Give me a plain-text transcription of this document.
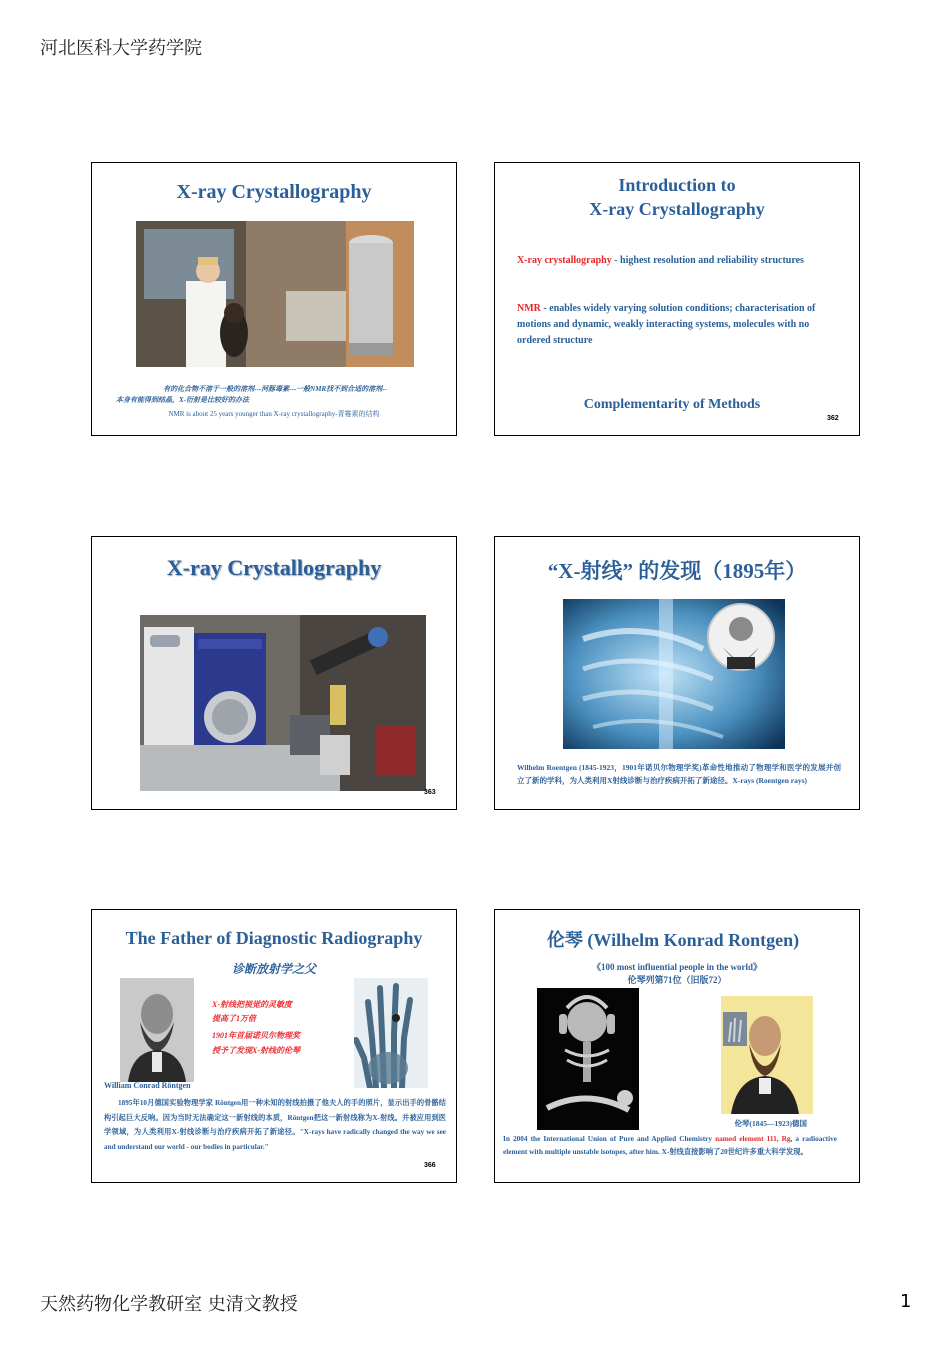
河北医科大学药学院
X-ray Crystallography
有的化合物不溶于一般的溶剂---河豚毒素---一般NMR找不到合适的溶剂--
本身有能得到结晶，X-衍射是比较好的办法
NMR is about 25 years younger than X-ray crystallography-青霉素的结构
Introduction to
X-ray Crystallography
X-ray crystallography - highest resolution and reliability structures
NMR - enables widely varying solution conditions; characterisation of motions and dynamic, weakly interacting systems, molecules with no ordered structure
Complementarity of Methods
362
X-ray Crystallography
363
“X-射线” 的发现（1895年）
Wilhelm Roentgen (1845-1923，1901年诺贝尔物理学奖)革命性地推动了物理学和医学的发展并创立了新的学科，为人类利用X射线诊断与治疗疾病开拓了新途径。X-rays (Roentgen rays)
The Father of Diagnostic Radiography
诊断放射学之父
X-射线把视觉的灵敏度
提高了1万倍
1901年首届诺贝尔物理奖
授予了发现X-射线的伦琴
William Conrad Röntgen
1895年10月德国实验物理学家 Röntgen用一种未知的射线拍摄了他夫人的手的照片，显示出手的骨骼结构引起巨大反响。因为当时无法确定这一新射线的本质，Röntgen把这一新射线称为X-射线。并被应用到医学领域，为人类利用X-射线诊断与治疗疾病开拓了新途径。"X-rays have radically changed the way we see and understand our world - our bodies in particular."
366
伦琴 (Wilhelm Konrad Rontgen)
《100 most influential people in the world》
伦琴列第71位（旧版72）
伦琴(1845—1923)德国
In 2004 the International Union of Pure and Applied Chemistry named element 111, Rg, a radioactive element with multiple unstable isotopes, after him. X-射线直接影响了20世纪许多重大科学发现。
天然药物化学教研室 史清文教授	1
